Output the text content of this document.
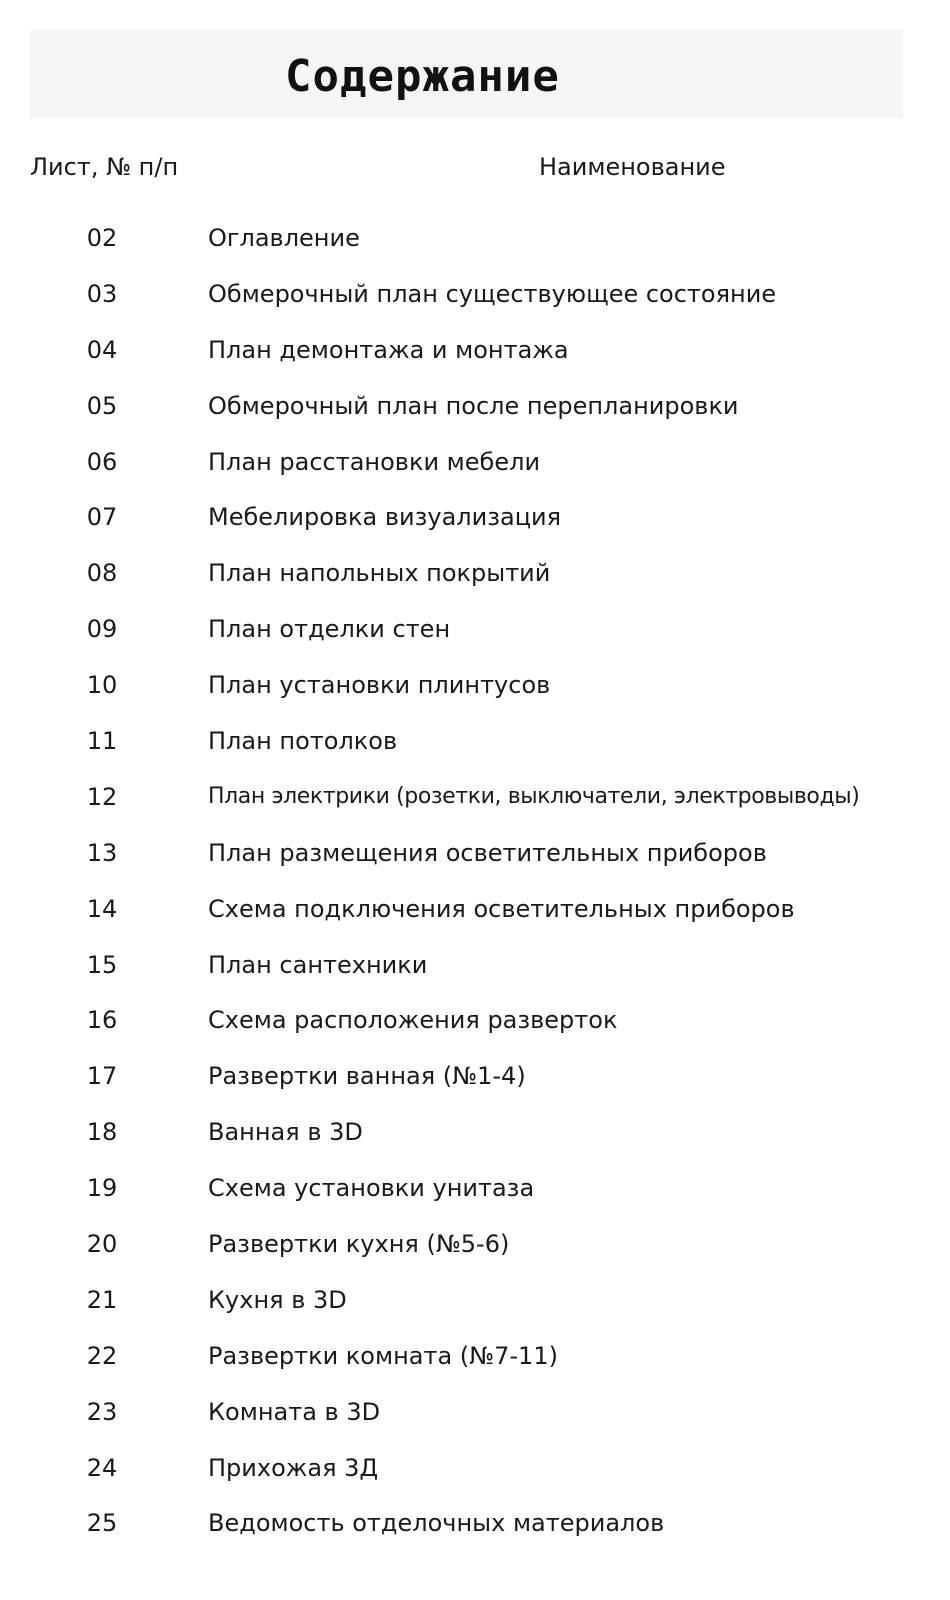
Содержание
Лист, № п/п	Наименование
02	Оглавление
03	Обмерочный план существующее состояние
04	План демонтажа и монтажа
05	Обмерочный план после перепланировки
06	План расстановки мебели
07	Мебелировка визуализация
08	План напольных покрытий
09	План отделки стен
10	План установки плинтусов
11	План потолков
12	План электрики (розетки, выключатели, электровыводы)
13	План размещения осветительных приборов
14	Схема подключения осветительных приборов
15	План сантехники
16	Схема расположения разверток
17	Развертки ванная (№1-4)
18	Ванная в 3D
19	Схема установки унитаза
20	Развертки кухня (№5-6)
21	Кухня в 3D
22	Развертки комната (№7-11)
23	Комната в 3D
24	Прихожая 3Д
25	Ведомость отделочных материалов
